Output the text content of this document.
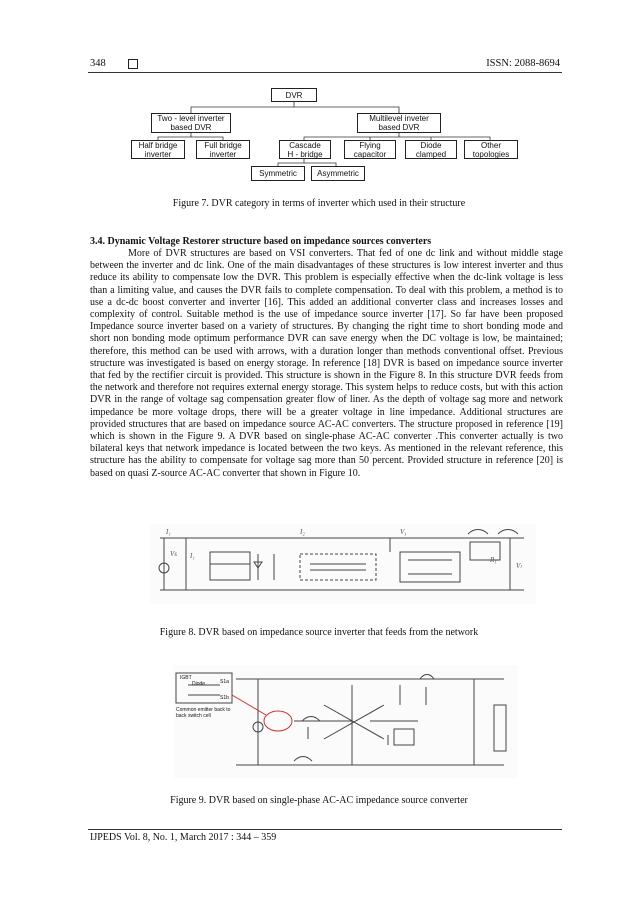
348	ISSN: 2088-8694
DVR
Two - level inverter
based DVR
Multilevel inveter
based DVR
Half bridge
inverter
Full bridge
inverter
Cascade
H - bridge
Flying
capacitor
Diode
clamped
Other
topologies
Symmetric	Asymmetric
Figure 7. DVR category in terms of inverter which used in their structure
3.4. Dynamic Voltage Restorer structure based on impedance sources converters
More of DVR structures are based on VSI converters. That fed of one dc link and without middle stage between the inverter and dc link. One of the main disadvantages of these structures is low interest inverter and thus reduce its ability to compensate low the DVR. This problem is especially effective when the dc-link voltage is less than a limiting value, and causes the DVR fails to complete compensation. To deal with this problem, a method is to use a dc-dc boost converter and inverter [16]. This added an additional converter class and increases losses and complexity of control. Suitable method is the use of impedance source inverter [17]. So far have been proposed Impedance source inverter based on a variety of structures. By changing the right time to short bonding mode and short non bonding mode optimum performance DVR can save energy when the DC voltage is low, be maintained; therefore, this method can be used with arrows, with a duration longer than methods conventional offset. Previous structure was investigated is based on energy storage. In reference [18] DVR is based on impedance source inverter that fed by the rectifier circuit is provided. This structure is shown in the Figure 8. In this structure DVR feeds from the network and therefore not requires external energy storage. This system helps to reduce costs, but with this action DVR in the range of voltage sag compensation greater flow of liner. As the depth of voltage sag more and network impedance be more voltage drops, there will be a greater voltage in line impedance. Additional structures are provided structures that are based on impedance source AC-AC converters. The structure proposed in reference [19] which is shown in the Figure 9. A DVR based on single-phase AC-AC converter .This converter actually is two bilateral keys that network impedance is located between the two keys. As mentioned in the relevant reference, this structure has the ability to compensate for voltage sag more than 50 percent. Provided structure in reference [20] is based on quasi Z-source AC-AC converter that shown in Figure 10.
I₁	I₂	V₁
Vs I₁	R₁
Vₗ
Figure 8. DVR based on impedance source inverter that feeds from the network
IGBT
Diode	S1a
S1b
Common emitter back to back switch cell
Figure 9. DVR based on single-phase AC-AC impedance source converter
IJPEDS Vol. 8, No. 1, March 2017 : 344 – 359
